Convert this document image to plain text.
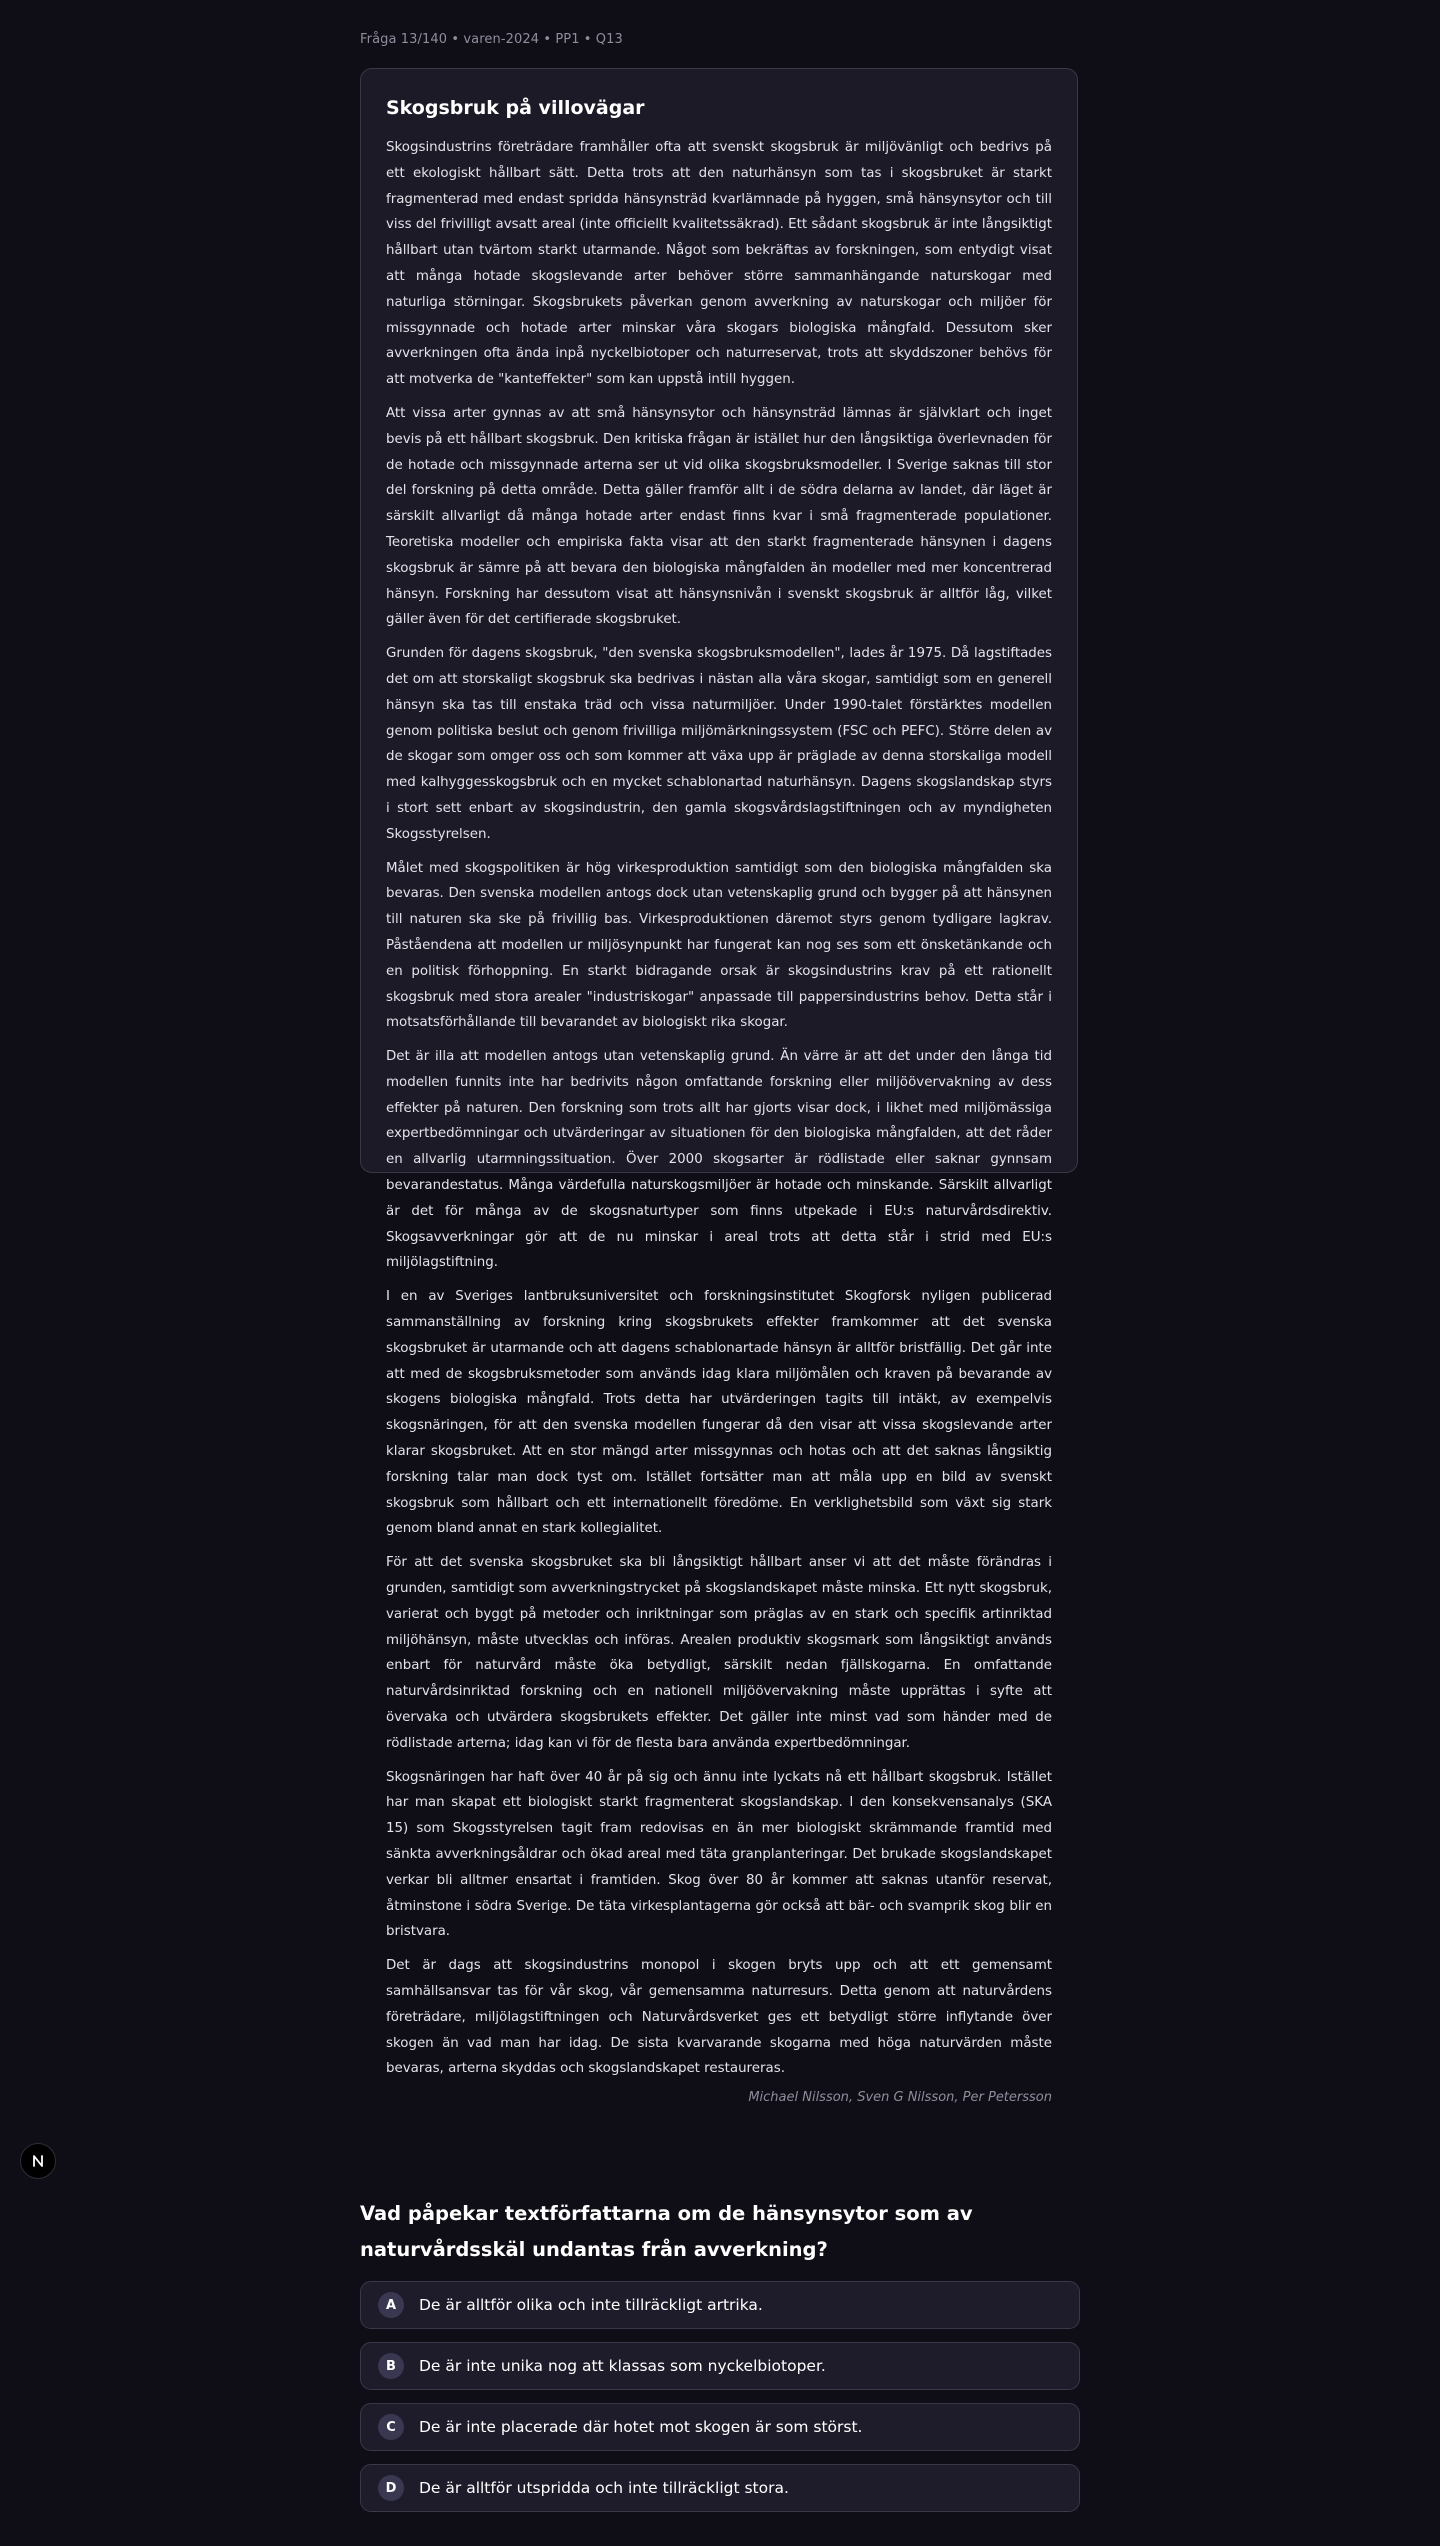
Fråga 13/140 • varen-2024 • PP1 • Q13
Skogsbruk på villovägar

Skogsindustrins företrädare framhåller ofta att svenskt skogsbruk är miljövänligt och bedrivs på ett ekologiskt hållbart sätt. Detta trots att den naturhänsyn som tas i skogsbruket är starkt fragmenterad med endast spridda hänsynsträd kvarlämnade på hyggen, små hänsynsytor och till viss del frivilligt avsatt areal (inte officiellt kvalitetssäkrad). Ett sådant skogsbruk är inte långsiktigt hållbart utan tvärtom starkt utarmande. Något som bekräftas av forskningen, som entydigt visat att många hotade skogslevande arter behöver större sammanhängande naturskogar med naturliga störningar. Skogsbrukets påverkan genom avverkning av naturskogar och miljöer för missgynnade och hotade arter minskar våra skogars biologiska mångfald. Dessutom sker avverkningen ofta ända inpå nyckelbiotoper och naturreservat, trots att skyddszoner behövs för att motverka de "kanteffekter" som kan uppstå intill hyggen.

Att vissa arter gynnas av att små hänsynsytor och hänsynsträd lämnas är självklart och inget bevis på ett hållbart skogsbruk. Den kritiska frågan är istället hur den långsiktiga överlevnaden för de hotade och missgynnade arterna ser ut vid olika skogsbruksmodeller. I Sverige saknas till stor del forskning på detta område. Detta gäller framför allt i de södra delarna av landet, där läget är särskilt allvarligt då många hotade arter endast finns kvar i små fragmenterade populationer. Teoretiska modeller och empiriska fakta visar att den starkt fragmenterade hänsynen i dagens skogsbruk är sämre på att bevara den biologiska mångfalden än modeller med mer koncentrerad hänsyn. Forskning har dessutom visat att hänsynsnivån i svenskt skogsbruk är alltför låg, vilket gäller även för det certifierade skogsbruket.

Grunden för dagens skogsbruk, "den svenska skogsbruksmodellen", lades år 1975. Då lagstiftades det om att storskaligt skogsbruk ska bedrivas i nästan alla våra skogar, samtidigt som en generell hänsyn ska tas till enstaka träd och vissa naturmiljöer. Under 1990-talet förstärktes modellen genom politiska beslut och genom frivilliga miljömärkningssystem (FSC och PEFC). Större delen av de skogar som omger oss och som kommer att växa upp är präglade av denna storskaliga modell med kalhyggesskogsbruk och en mycket schablonartad naturhänsyn. Dagens skogslandskap styrs i stort sett enbart av skogsindustrin, den gamla skogsvårdslagstiftningen och av myndigheten Skogsstyrelsen.

Målet med skogspolitiken är hög virkesproduktion samtidigt som den biologiska mångfalden ska bevaras. Den svenska modellen antogs dock utan vetenskaplig grund och bygger på att hänsynen till naturen ska ske på frivillig bas. Virkesproduktionen däremot styrs genom tydligare lagkrav. Påståendena att modellen ur miljösynpunkt har fungerat kan nog ses som ett önsketänkande och en politisk förhoppning. En starkt bidragande orsak är skogsindustrins krav på ett rationellt skogsbruk med stora arealer "industriskogar" anpassade till pappersindustrins behov. Detta står i motsatsförhållande till bevarandet av biologiskt rika skogar.

Det är illa att modellen antogs utan vetenskaplig grund. Än värre är att det under den långa tid modellen funnits inte har bedrivits någon omfattande forskning eller miljöövervakning av dess effekter på naturen. Den forskning som trots allt har gjorts visar dock, i likhet med miljömässiga expertbedömningar och utvärderingar av situationen för den biologiska mångfalden, att det råder en allvarlig utarmningssituation. Över 2000 skogsarter är rödlistade eller saknar gynnsam bevarandestatus. Många värdefulla naturskogsmiljöer är hotade och minskande. Särskilt allvarligt är det för många av de skogsnaturtyper som finns utpekade i EU:s naturvårdsdirektiv. Skogsavverkningar gör att de nu minskar i areal trots att detta står i strid med EU:s miljölagstiftning.

I en av Sveriges lantbruksuniversitet och forskningsinstitutet Skogforsk nyligen publicerad sammanställning av forskning kring skogsbrukets effekter framkommer att det svenska skogsbruket är utarmande och att dagens schablonartade hänsyn är alltför bristfällig. Det går inte att med de skogsbruksmetoder som används idag klara miljömålen och kraven på bevarande av skogens biologiska mångfald. Trots detta har utvärderingen tagits till intäkt, av exempelvis skogsnäringen, för att den svenska modellen fungerar då den visar att vissa skogslevande arter klarar skogsbruket. Att en stor mängd arter missgynnas och hotas och att det saknas långsiktig forskning talar man dock tyst om. Istället fortsätter man att måla upp en bild av svenskt skogsbruk som hållbart och ett internationellt föredöme. En verklighetsbild som växt sig stark genom bland annat en stark kollegialitet.

För att det svenska skogsbruket ska bli långsiktigt hållbart anser vi att det måste förändras i grunden, samtidigt som avverkningstrycket på skogslandskapet måste minska. Ett nytt skogsbruk, varierat och byggt på metoder och inriktningar som präglas av en stark och specifik artinriktad miljöhänsyn, måste utvecklas och införas. Arealen produktiv skogsmark som långsiktigt används enbart för naturvård måste öka betydligt, särskilt nedan fjällskogarna. En omfattande naturvårdsinriktad forskning och en nationell miljöövervakning måste upprättas i syfte att övervaka och utvärdera skogsbrukets effekter. Det gäller inte minst vad som händer med de rödlistade arterna; idag kan vi för de flesta bara använda expertbedömningar.

Skogsnäringen har haft över 40 år på sig och ännu inte lyckats nå ett hållbart skogsbruk. Istället har man skapat ett biologiskt starkt fragmenterat skogslandskap. I den konsekvensanalys (SKA 15) som Skogsstyrelsen tagit fram redovisas en än mer biologiskt skrämmande framtid med sänkta avverkningsåldrar och ökad areal med täta granplanteringar. Det brukade skogslandskapet verkar bli alltmer ensartat i framtiden. Skog över 80 år kommer att saknas utanför reservat, åtminstone i södra Sverige. De täta virkesplantagerna gör också att bär- och svamprik skog blir en bristvara.

Det är dags att skogsindustrins monopol i skogen bryts upp och att ett gemensamt samhällsansvar tas för vår skog, vår gemensamma naturresurs. Detta genom att naturvårdens företrädare, miljölagstiftningen och Naturvårdsverket ges ett betydligt större inflytande över skogen än vad man har idag. De sista kvarvarande skogarna med höga naturvärden måste bevaras, arterna skyddas och skogslandskapet restaureras.

Michael Nilsson, Sven G Nilsson, Per Petersson
Vad påpekar textförfattarna om de hänsynsytor som av naturvårdsskäl undantas från avverkning?
A	De är alltför olika och inte tillräckligt artrika.
B	De är inte unika nog att klassas som nyckelbiotoper.
C	De är inte placerade där hotet mot skogen är som störst.
D	De är alltför utspridda och inte tillräckligt stora.
